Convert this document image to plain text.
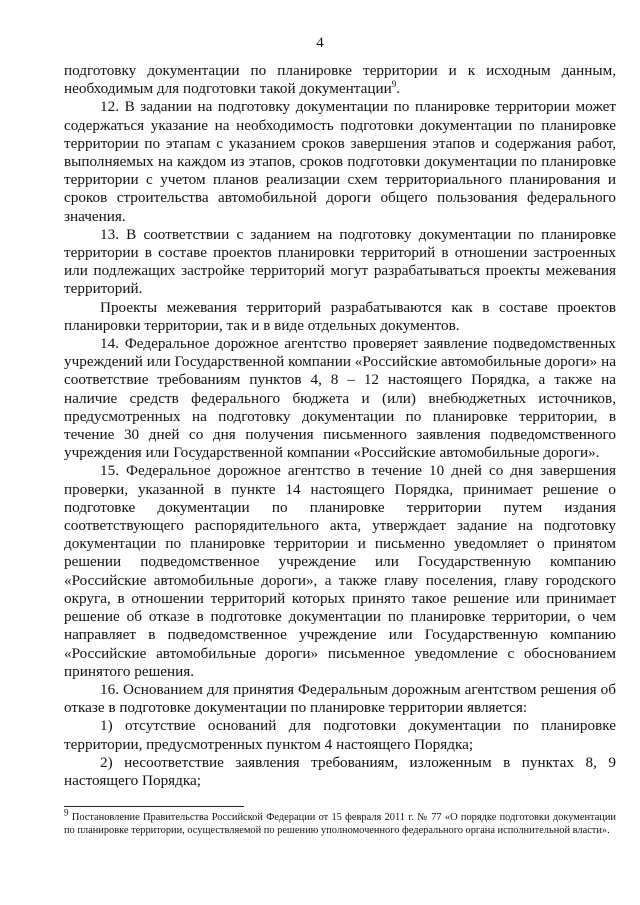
4

подготовку документации по планировке территории и к исходным данным, необходимым для подготовки такой документации$^9$.

12. В задании на подготовку документации по планировке территории может содержаться указание на необходимость подготовки документации по планировке территории по этапам с указанием сроков завершения этапов и содержания работ, выполняемых на каждом из этапов, сроков подготовки документации по планировке территории с учетом планов реализации схем территориального планирования и сроков строительства автомобильной дороги общего пользования федерального значения.

13. В соответствии с заданием на подготовку документации по планировке территории в составе проектов планировки территорий в отношении застроенных или подлежащих застройке территорий могут разрабатываться проекты межевания территорий.

Проекты межевания территорий разрабатываются как в составе проектов планировки территории, так и в виде отдельных документов.

14. Федеральное дорожное агентство проверяет заявление подведомственных учреждений или Государственной компании «Российские автомобильные дороги» на соответствие требованиям пунктов 4, 8 – 12 настоящего Порядка, а также на наличие средств федерального бюджета и (или) внебюджетных источников, предусмотренных на подготовку документации по планировке территории, в течение 30 дней со дня получения письменного заявления подведомственного учреждения или Государственной компании «Российские автомобильные дороги».

15. Федеральное дорожное агентство в течение 10 дней со дня завершения проверки, указанной в пункте 14 настоящего Порядка, принимает решение о подготовке документации по планировке территории путем издания соответствующего распорядительного акта, утверждает задание на подготовку документации по планировке территории и письменно уведомляет о принятом решении подведомственное учреждение или Государственную компанию «Российские автомобильные дороги», а также главу поселения, главу городского округа, в отношении территорий которых принято такое решение или принимает решение об отказе в подготовке документации по планировке территории, о чем направляет в подведомственное учреждение или Государственную компанию «Российские автомобильные дороги» письменное уведомление с обоснованием принятого решения.

16. Основанием для принятия Федеральным дорожным агентством решения об отказе в подготовке документации по планировке территории является:

1) отсутствие оснований для подготовки документации по планировке территории, предусмотренных пунктом 4 настоящего Порядка;

2) несоответствие заявления требованиям, изложенным в пунктах 8, 9 настоящего Порядка;

$^9$ Постановление Правительства Российской Федерации от 15 февраля 2011 г. № 77 «О порядке подготовки документации по планировке территории, осуществляемой по решению уполномоченного федерального органа исполнительной власти».
